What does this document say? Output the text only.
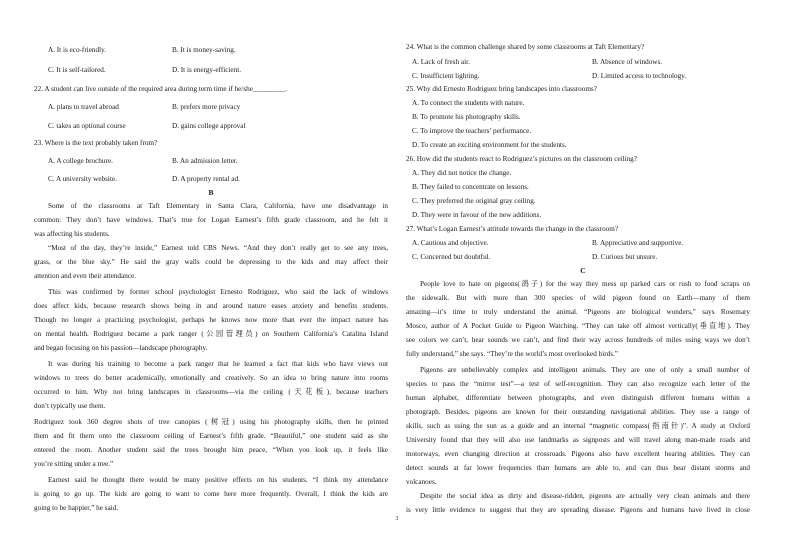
A. It is eco-friendly.	B. It is money-saving.
C. It is self-tailored.	D. It is energy-efficient.
22. A student can live outside of the required area during term time if he/she_________.
A. plans to travel abroad	B. prefers more privacy
C. takes an optional course	D. gains college approval
23. Where is the text probably taken from?
A. A college brochure.	B. An admission letter.
C. A university website.	D. A property rental ad.
B
Some of the classrooms at Taft Elementary in Santa Clara, California, have one disadvantage in
common: They don’t have windows. That’s true for Logan Earnest’s fifth grade classroom, and he felt it
was affecting his students.
“Most of the day, they’re inside,” Earnest told CBS News. “And they don’t really get to see any trees,
grass, or the blue sky.” He said the gray walls could be depressing to the kids and may affect their
attention and even their attendance.
This was confirmed by former school psychologist Ernesto Rodriguez, who said the lack of windows
does affect kids, because research shows being in and around nature eases anxiety and benefits students.
Though no longer a practicing psychologist, perhaps he knows now more than ever the impact nature has
on mental health. Rodriguez became a park ranger (公园管理员) on Southern California’s Catalina Island
and began focusing on his passion—landscape photography.
It was during his training to become a park ranger that he learned a fact that kids who have views out
windows to trees do better academically, emotionally and creatively. So an idea to bring nature into rooms
occurred to him. Why not bring landscapes in classrooms—via the ceiling (天花板), because teachers
don’t typically use them.
Rodriguez took 360 degree shots of tree canopies (树冠) using his photography skills, then he printed
them and fit them onto the classroom ceiling of Earnest’s fifth grade. “Beautiful,” one student said as she
entered the room. Another student said the trees brought him peace, “When you look up, it feels like
you’re sitting under a tree.”
Earnest said he thought there would be many positive effects on his students. “I think my attendance
is going to go up. The kids are going to want to come here more frequently. Overall, I think the kids are
going to be happier,” he said.
24. What is the common challenge shared by some classrooms at Taft Elementary?
A. Lack of fresh air.	B. Absence of windows.
C. Insufficient lighting.	D. Limited access to technology.
25. Why did Ernesto Rodriguez bring landscapes into classrooms?
A. To connect the students with nature.
B. To promote his photography skills.
C. To improve the teachers’ performance.
D. To create an exciting environment for the students.
26. How did the students react to Rodriguez’s pictures on the classroom ceiling?
A. They did not notice the change.
B. They failed to concentrate on lessons.
C. They preferred the original gray ceiling.
D. They were in favour of the new additions.
27. What’s Logan Earnest’s attitude towards the change in the classroom?
A. Cautious and objective.	B. Appreciative and supportive.
C. Concerned but doubtful.	D. Curious but unsure.
C
People love to hate on pigeons(鸽子) for the way they mess up parked cars or rush to food scraps on
the sidewalk. But with more than 300 species of wild pigeon found on Earth—many of them
amazing—it’s time to truly understand the animal. “Pigeons are biological wonders,” says Rosemary
Mosco, author of A Pocket Guide to Pigeon Watching. “They can take off almost vertically(垂直地). They
see colors we can’t, hear sounds we can’t, and find their way across hundreds of miles using ways we don’t
fully understand,” she says. “They’re the world’s most overlooked birds.”
Pigeons are unbelievably complex and intelligent animals. They are one of only a small number of
species to pass the “mirror test”—a test of self-recognition. They can also recognize each letter of the
human alphabet, differentiate between photographs, and even distinguish different humans within a
photograph. Besides, pigeons are known for their outstanding navigational abilities. They use a range of
skills, such as using the sun as a guide and an internal “magnetic compass(指南针)”. A study at Oxford
University found that they will also use landmarks as signposts and will travel along man-made roads and
motorways, even changing direction at crossroads. Pigeons also have excellent hearing abilities. They can
detect sounds at far lower frequencies than humans are able to, and can thus hear distant storms and
volcanoes.
Despite the social idea as dirty and disease-ridden, pigeons are actually very clean animals and there
is very little evidence to suggest that they are spreading disease. Pigeons and humans have lived in close
3
